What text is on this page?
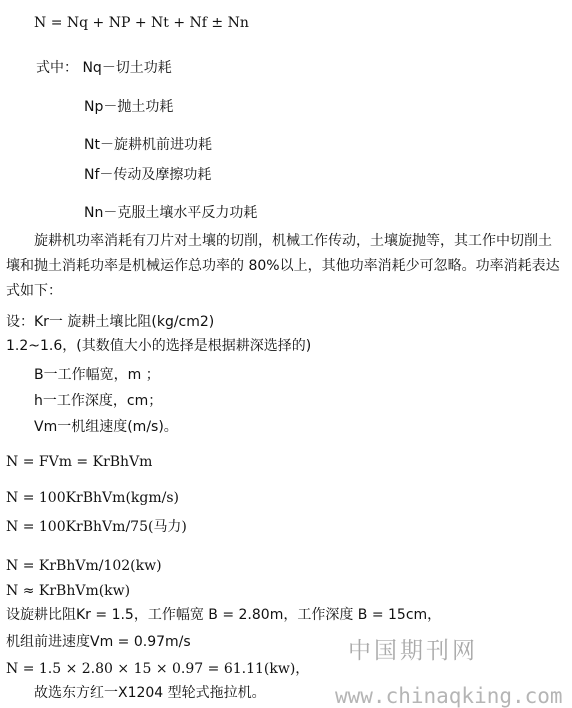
N = Nq + NP + Nt + Nf ± Nn
式中： Nq－切土功耗
Np－抛土功耗
Nt－旋耕机前进功耗
Nf－传动及摩擦功耗
Nn－克服土壤水平反力功耗
旋耕机功率消耗有刀片对土壤的切削，机械工作传动，土壤旋抛等，其工作中切削土壤和抛土消耗功率是机械运作总功率的 80%以上，其他功率消耗少可忽略。功率消耗表达式如下：
设：Kr一 旋耕土壤比阻(kg/cm2)
1.2~1.6，(其数值大小的选择是根据耕深选择的)
B一工作幅宽，m ；
h一工作深度，cm；
Vm一机组速度(m/s)。
N = FVm = KrBhVm
N = 100KrBhVm(kgm/s)
N = 100KrBhVm/75(马力)
N = KrBhVm/102(kw)
N ≈ KrBhVm(kw)
设旋耕比阻Kr = 1.5，工作幅宽 B = 2.80m，工作深度 B = 15cm，
机组前进速度Vm = 0.97m/s
N = 1.5 × 2.80 × 15 × 0.97 = 61.11(kw)，
故选东方红一X1204 型轮式拖拉机。
中国期刊网
www.chinaqking.com
